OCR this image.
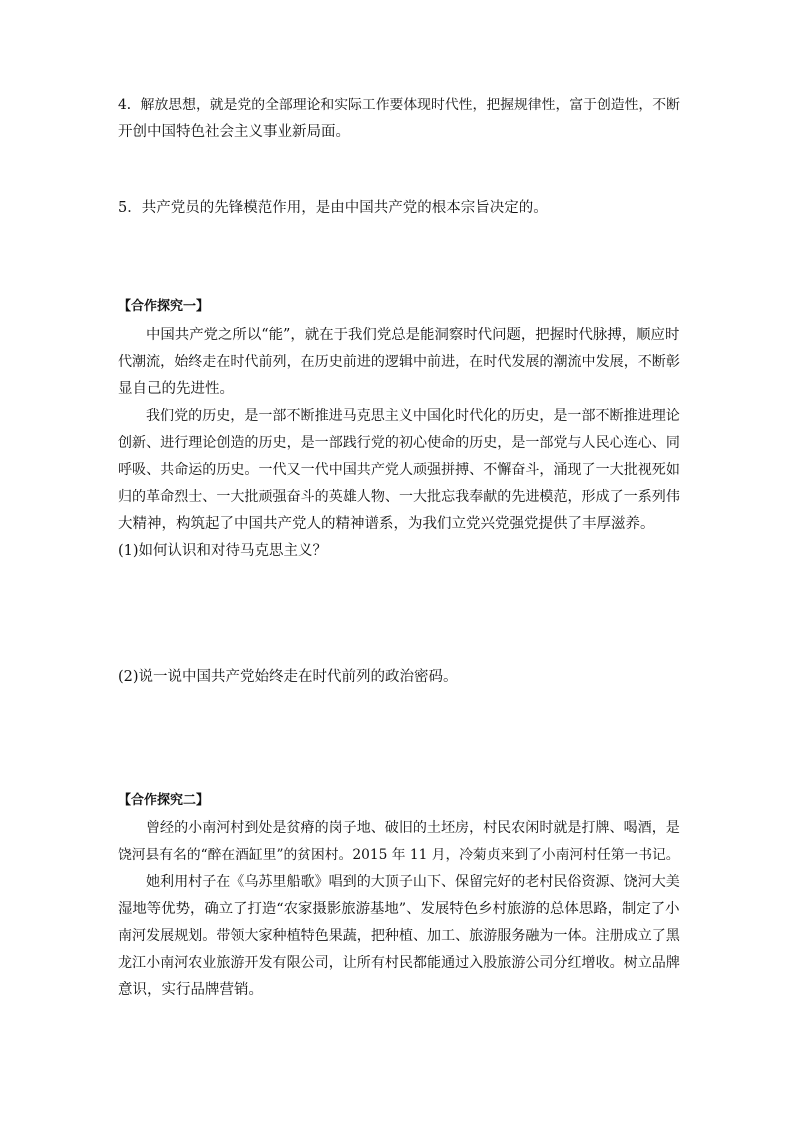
4．解放思想，就是党的全部理论和实际工作要体现时代性，把握规律性，富于创造性，不断

开创中国特色社会主义事业新局面。

5．共产党员的先锋模范作用，是由中国共产党的根本宗旨决定的。

【合作探究一】

中国共产党之所以“能”，就在于我们党总是能洞察时代问题，把握时代脉搏，顺应时

代潮流，始终走在时代前列，在历史前进的逻辑中前进，在时代发展的潮流中发展，不断彰

显自己的先进性。

我们党的历史，是一部不断推进马克思主义中国化时代化的历史，是一部不断推进理论

创新、进行理论创造的历史，是一部践行党的初心使命的历史，是一部党与人民心连心、同

呼吸、共命运的历史。一代又一代中国共产党人顽强拼搏、不懈奋斗，涌现了一大批视死如

归的革命烈士、一大批顽强奋斗的英雄人物、一大批忘我奉献的先进模范，形成了一系列伟

大精神，构筑起了中国共产党人的精神谱系，为我们立党兴党强党提供了丰厚滋养。

(1)如何认识和对待马克思主义？

(2)说一说中国共产党始终走在时代前列的政治密码。

【合作探究二】

曾经的小南河村到处是贫瘠的岗子地、破旧的土坯房，村民农闲时就是打牌、喝酒，是

饶河县有名的“醉在酒缸里”的贫困村。2015 年 11 月，冷菊贞来到了小南河村任第一书记。

她利用村子在《乌苏里船歌》唱到的大顶子山下、保留完好的老村民俗资源、饶河大美

湿地等优势，确立了打造“农家摄影旅游基地”、发展特色乡村旅游的总体思路，制定了小

南河发展规划。带领大家种植特色果蔬，把种植、加工、旅游服务融为一体。注册成立了黑

龙江小南河农业旅游开发有限公司，让所有村民都能通过入股旅游公司分红增收。树立品牌

意识，实行品牌营销。
